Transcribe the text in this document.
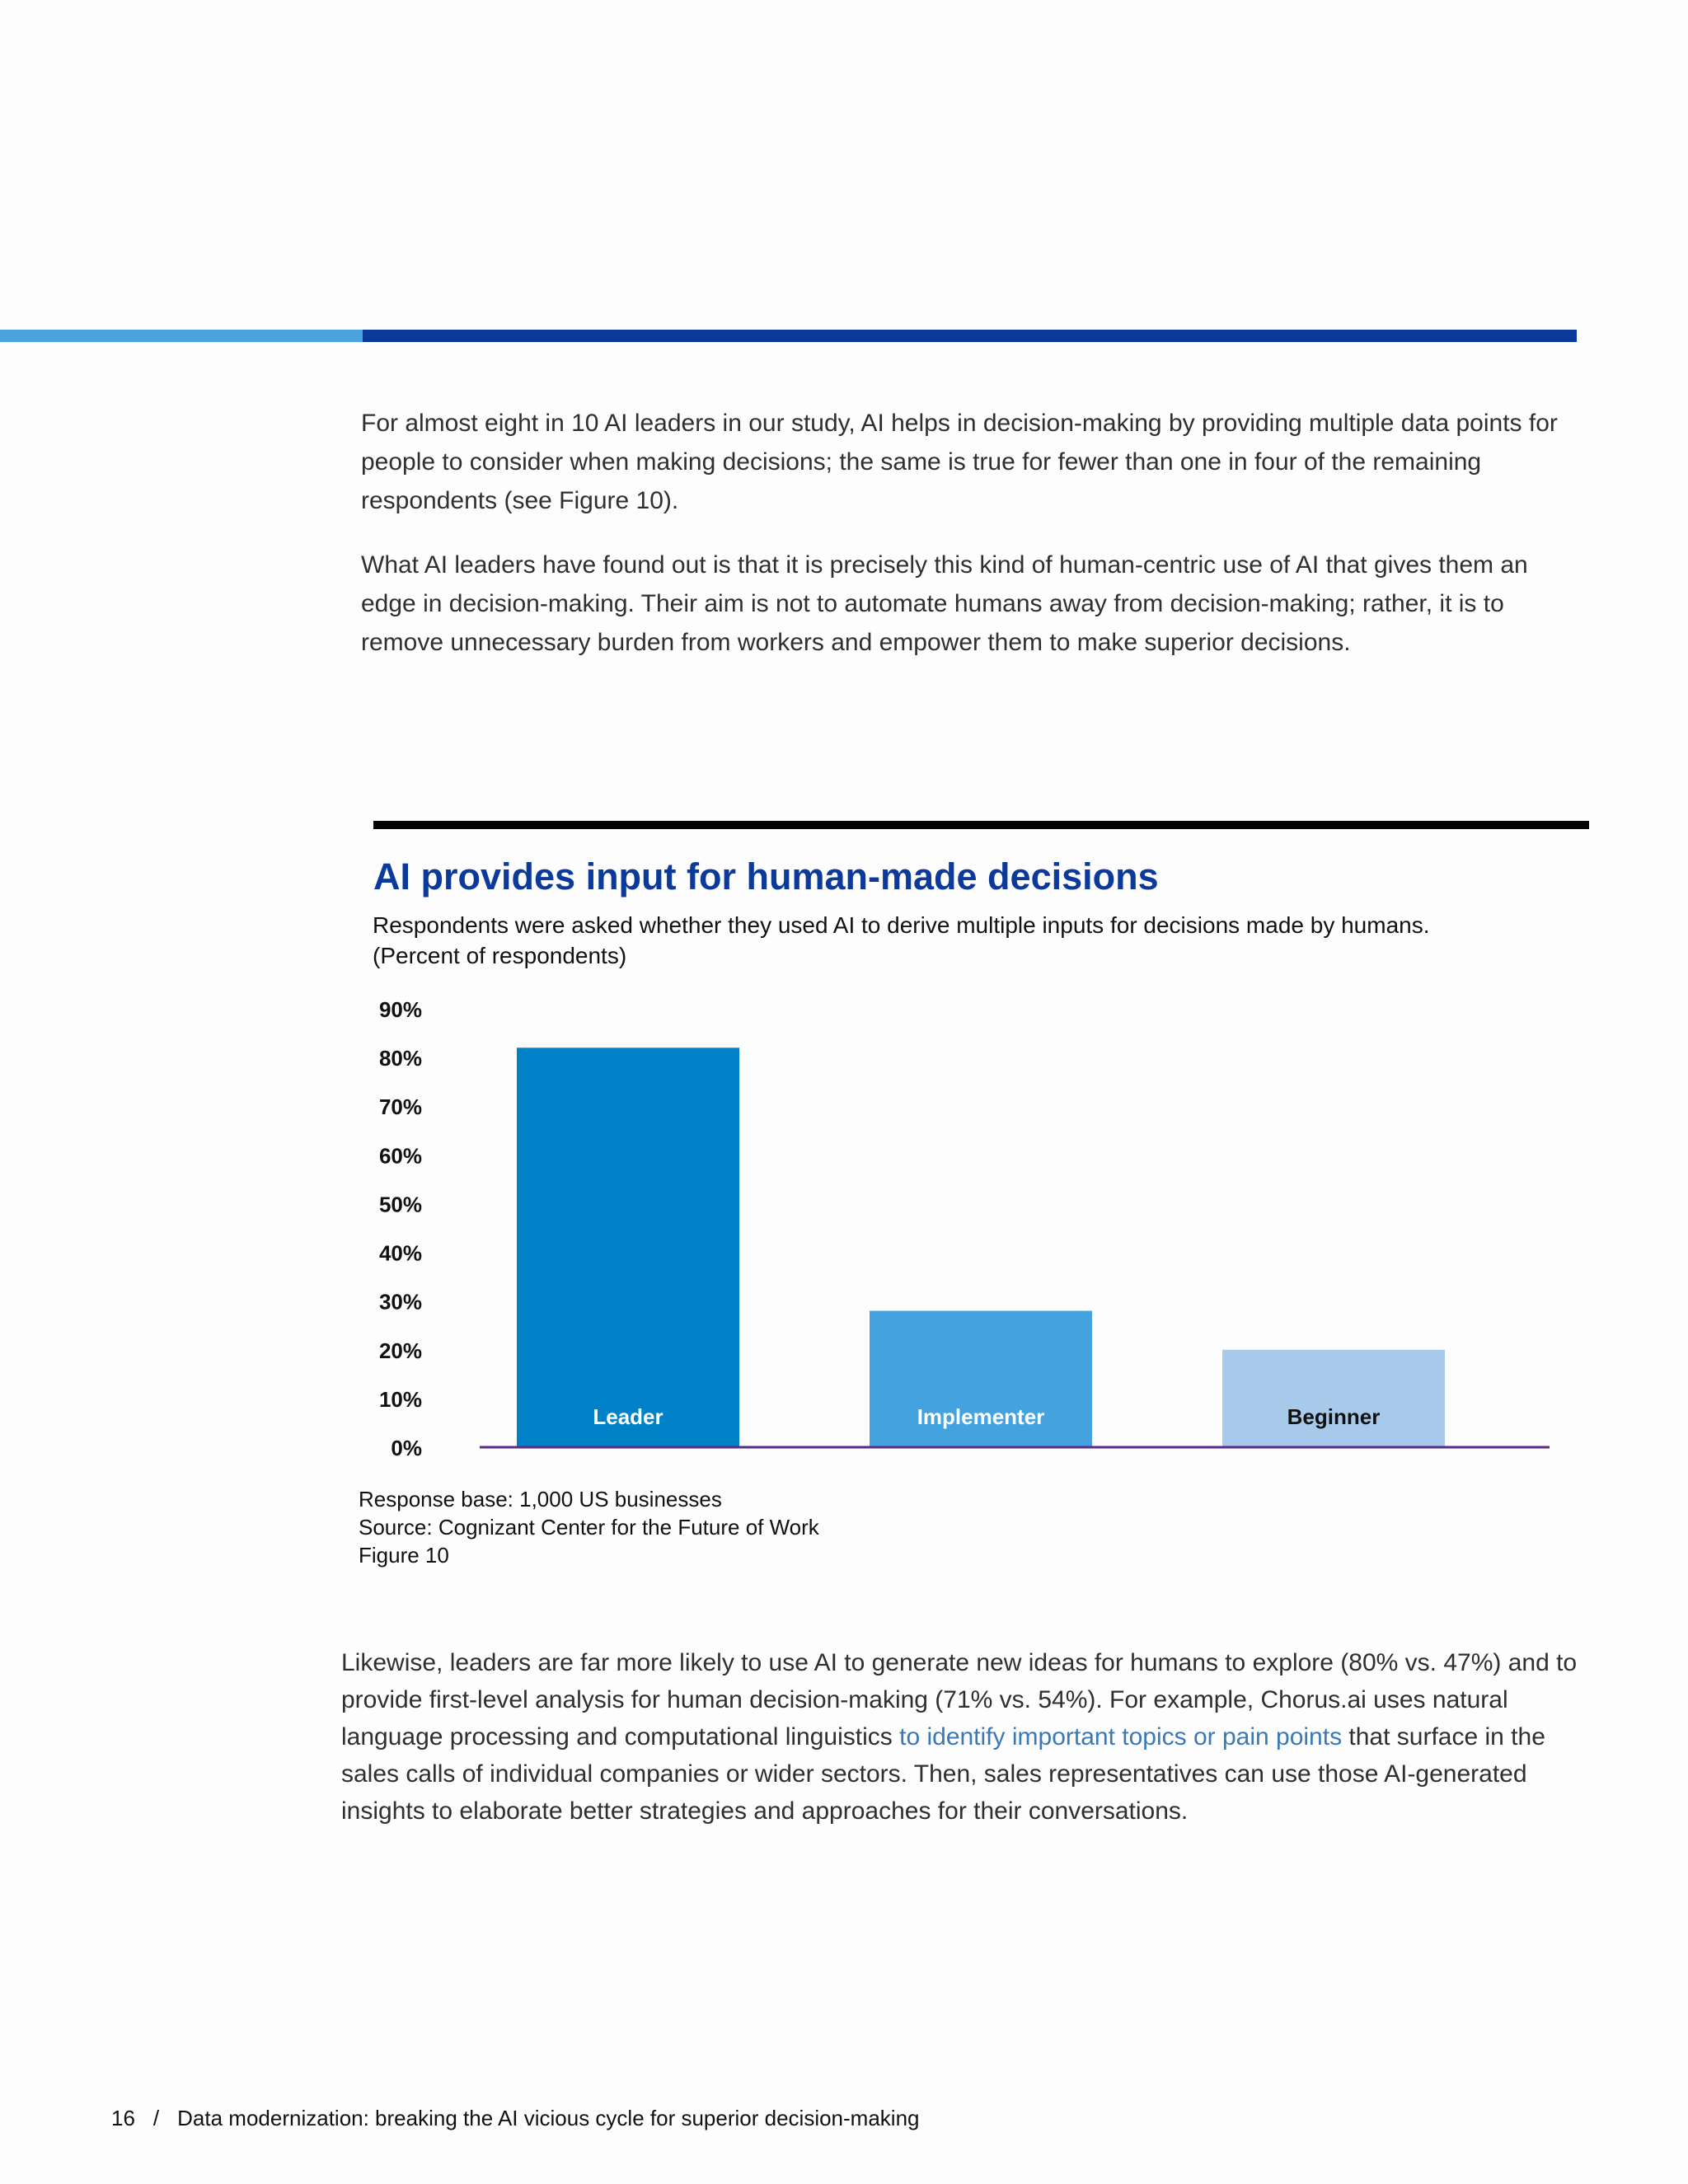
For almost eight in 10 AI leaders in our study, AI helps in decision-making by providing multiple data points for people to consider when making decisions; the same is true for fewer than one in four of the remaining respondents (see Figure 10).

What AI leaders have found out is that it is precisely this kind of human-centric use of AI that gives them an edge in decision-making. Their aim is not to automate humans away from decision-making; rather, it is to remove unnecessary burden from workers and empower them to make superior decisions.

AI provides input for human-made decisions
Respondents were asked whether they used AI to derive multiple inputs for decisions made by humans.
(Percent of respondents)
0%
10%
20%
30%
40%
50%
60%
70%
80%
90%
Leader	Implementer	Beginner
Response base: 1,000 US businesses
Source: Cognizant Center for the Future of Work
Figure 10

Likewise, leaders are far more likely to use AI to generate new ideas for humans to explore (80% vs. 47%) and to provide first-level analysis for human decision-making (71% vs. 54%). For example, Chorus.ai uses natural language processing and computational linguistics to identify important topics or pain points that surface in the sales calls of individual companies or wider sectors. Then, sales representatives can use those AI-generated insights to elaborate better strategies and approaches for their conversations.

16 / Data modernization: breaking the AI vicious cycle for superior decision-making
